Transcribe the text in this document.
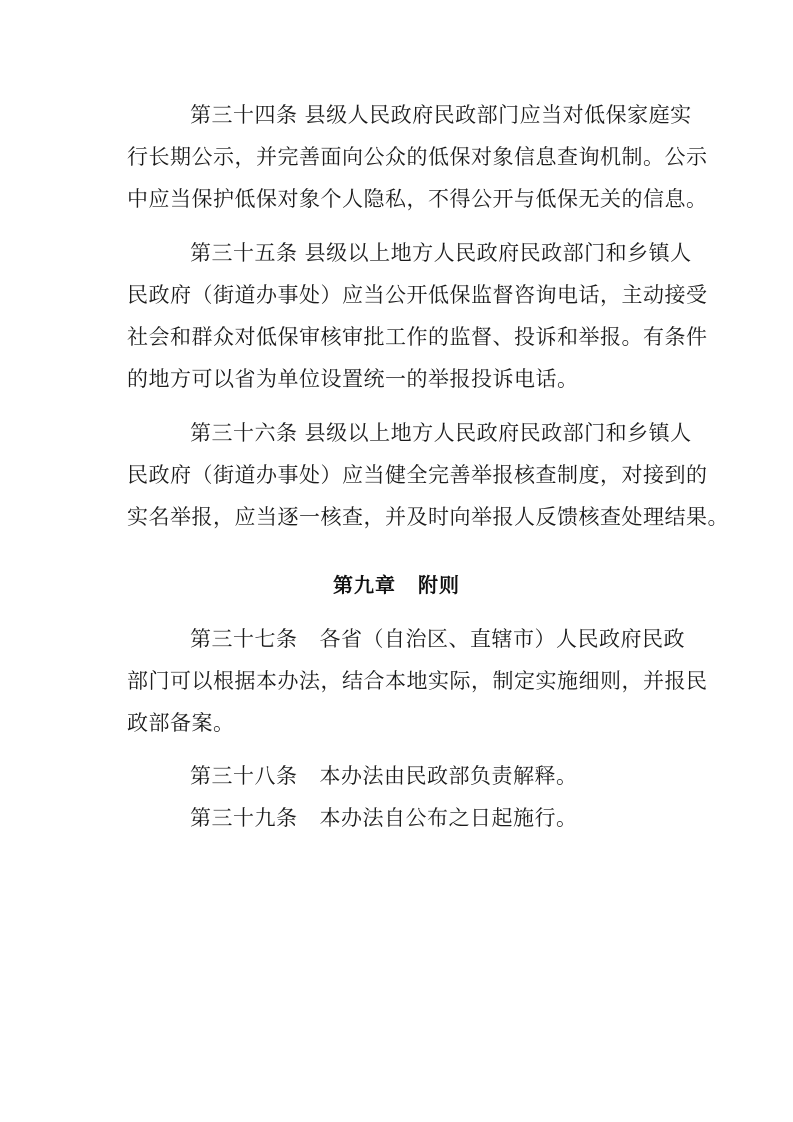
第三十四条 县级人民政府民政部门应当对低保家庭实
行长期公示，并完善面向公众的低保对象信息查询机制。公示
中应当保护低保对象个人隐私，不得公开与低保无关的信息。
第三十五条 县级以上地方人民政府民政部门和乡镇人
民政府（街道办事处）应当公开低保监督咨询电话，主动接受
社会和群众对低保审核审批工作的监督、投诉和举报。有条件
的地方可以省为单位设置统一的举报投诉电话。
第三十六条 县级以上地方人民政府民政部门和乡镇人
民政府（街道办事处）应当健全完善举报核查制度，对接到的
实名举报，应当逐一核查，并及时向举报人反馈核查处理结果。
第九章 附则
第三十七条 各省（自治区、直辖市）人民政府民政
部门可以根据本办法，结合本地实际，制定实施细则，并报民
政部备案。
第三十八条 本办法由民政部负责解释。
第三十九条 本办法自公布之日起施行。
